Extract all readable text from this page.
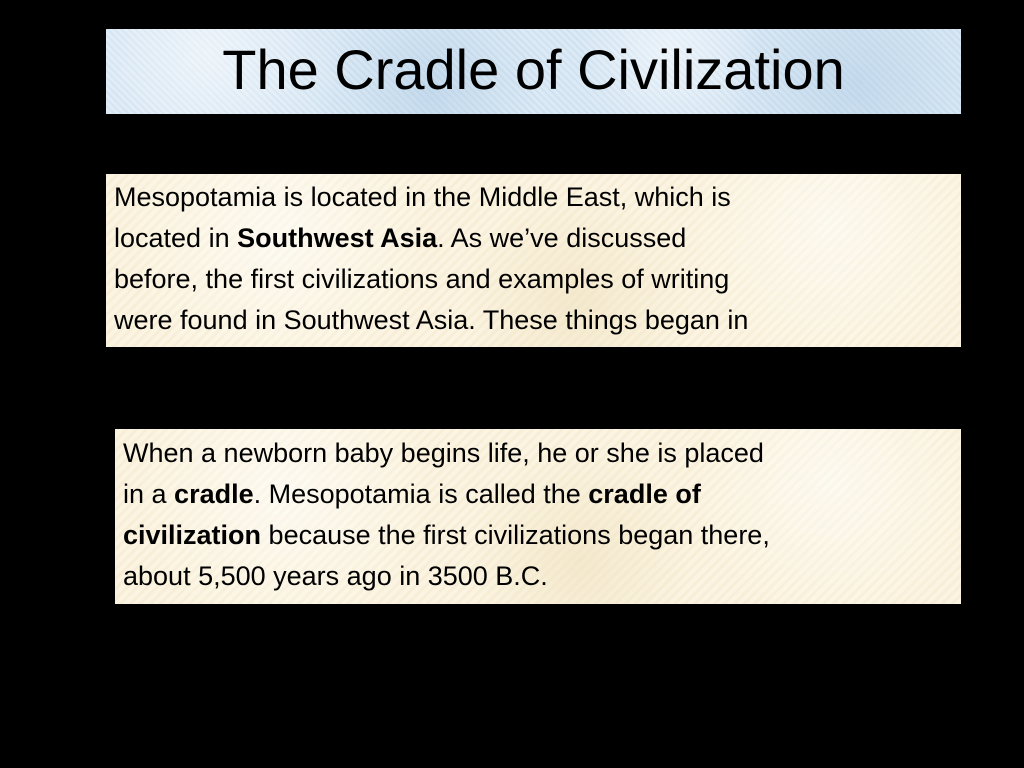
The Cradle of Civilization
Mesopotamia is located in the Middle East, which is
located in Southwest Asia. As we’ve discussed
before, the first civilizations and examples of writing
were found in Southwest Asia. These things began in
When a newborn baby begins life, he or she is placed
in a cradle. Mesopotamia is called the cradle of
civilization because the first civilizations began there,
about 5,500 years ago in 3500 B.C.
